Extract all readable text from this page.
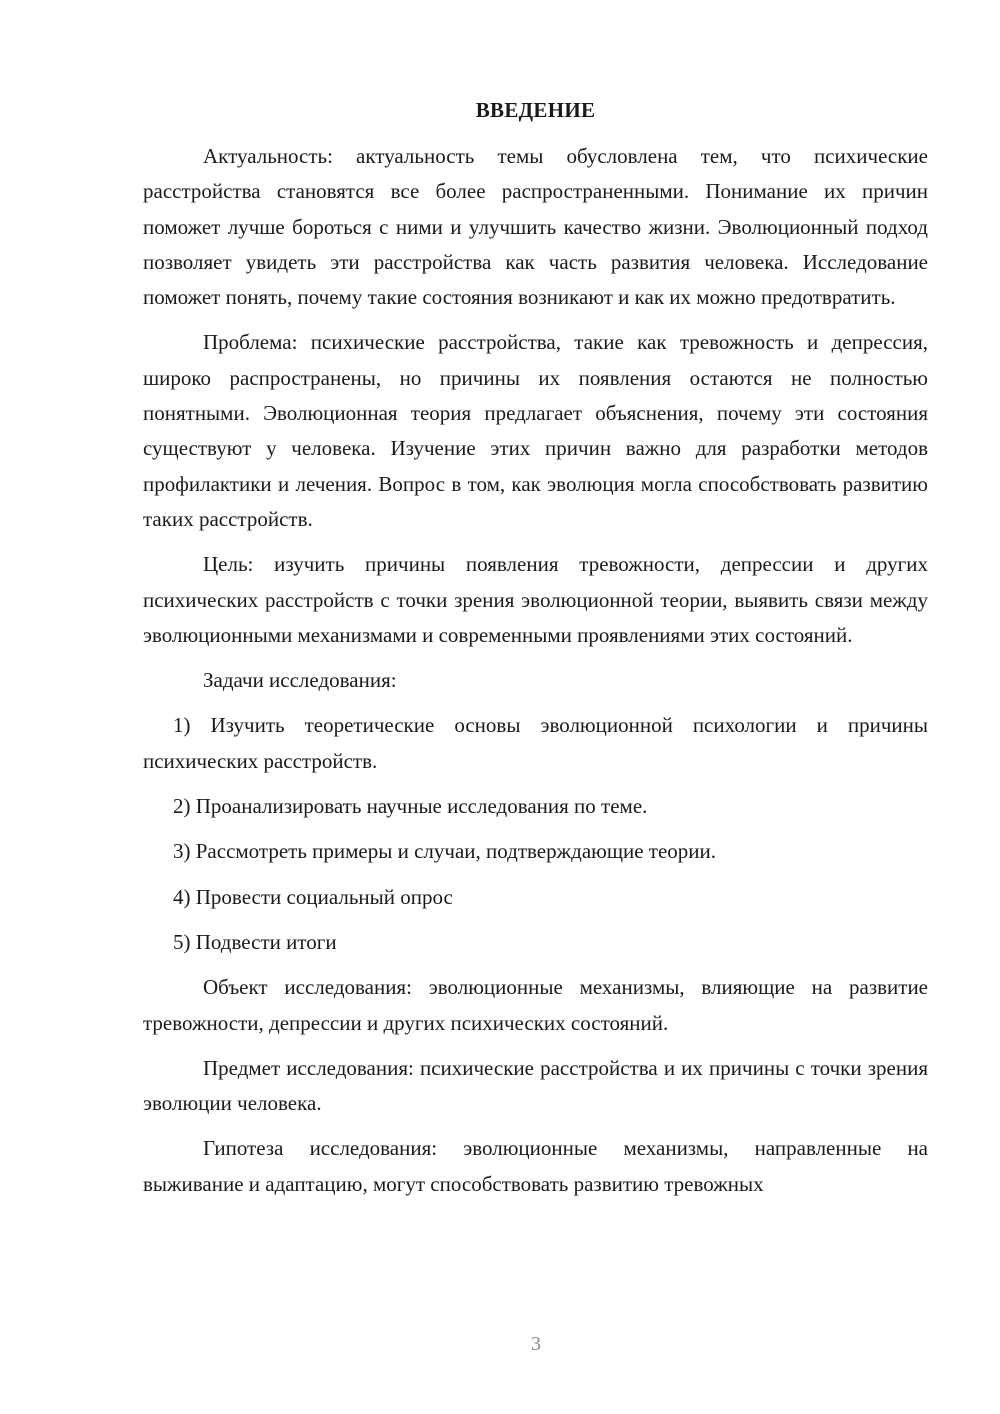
ВВЕДЕНИЕ

Актуальность: актуальность темы обусловлена тем, что психические расстройства становятся все более распространенными. Понимание их причин поможет лучше бороться с ними и улучшить качество жизни. Эволюционный подход позволяет увидеть эти расстройства как часть развития человека. Исследование поможет понять, почему такие состояния возникают и как их можно предотвратить.

Проблема: психические расстройства, такие как тревожность и депрессия, широко распространены, но причины их появления остаются не полностью понятными. Эволюционная теория предлагает объяснения, почему эти состояния существуют у человека. Изучение этих причин важно для разработки методов профилактики и лечения. Вопрос в том, как эволюция могла способствовать развитию таких расстройств.

Цель: изучить причины появления тревожности, депрессии и других психических расстройств с точки зрения эволюционной теории, выявить связи между эволюционными механизмами и современными проявлениями этих состояний.

Задачи исследования:

1) Изучить теоретические основы эволюционной психологии и причины психических расстройств.

2) Проанализировать научные исследования по теме.

3) Рассмотреть примеры и случаи, подтверждающие теории.

4) Провести социальный опрос

5) Подвести итоги

Объект исследования: эволюционные механизмы, влияющие на развитие тревожности, депрессии и других психических состояний.

Предмет исследования: психические расстройства и их причины с точки зрения эволюции человека.

Гипотеза исследования: эволюционные механизмы, направленные на выживание и адаптацию, могут способствовать развитию тревожных

3
